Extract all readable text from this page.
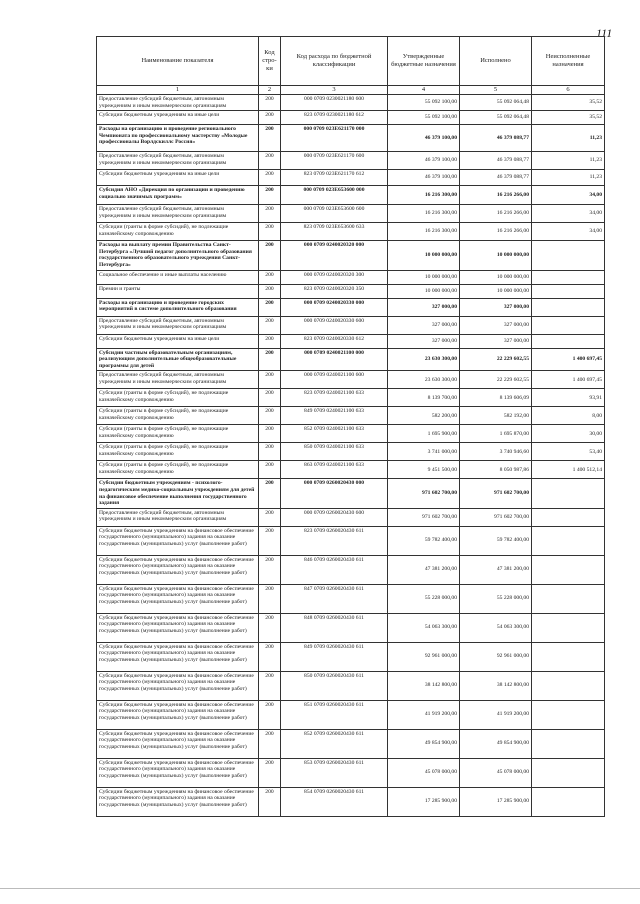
111
Наименование показателя	Код стро-ки	Код расхода по бюджетной классификации	Утвержденные бюджетные назначения	Исполнено	Неисполненные назначения
1	2	3	4	5	6
Предоставление субсидий бюджетным, автономным учреждениям и иным некоммерческим организациям	200	000 0709 0230021180 600	55 092 100,00	55 092 064,48	35,52
Субсидии бюджетным учреждениям на иные цели	200	823 0709 0230021180 612	55 092 100,00	55 092 064,48	35,52
Расходы на организацию и проведение регионального Чемпионата по профессиональному мастерству «Молодые профессионалы Ворлдскиллс Россия»	200	000 0709 023Е621170 000	46 379 100,00	46 379 088,77	11,23
Предоставление субсидий бюджетным, автономным учреждениям и иным некоммерческим организациям	200	000 0709 023Е621170 600	46 379 100,00	46 379 088,77	11,23
Субсидии бюджетным учреждениям на иные цели	200	823 0709 023Е621170 612	46 379 100,00	46 379 088,77	11,23
Субсидия АНО «Дирекция по организации и проведению социально значимых программ»	200	000 0709 023Е653600 000	16 216 300,00	16 216 266,00	34,00
Предоставление субсидий бюджетным, автономным учреждениям и иным некоммерческим организациям	200	000 0709 023Е653600 600	16 216 300,00	16 216 266,00	34,00
Субсидии (гранты в форме субсидий), не подлежащие казначейскому сопровождению	200	823 0709 023Е653600 633	16 216 300,00	16 216 266,00	34,00
Расходы на выплату премии Правительства Санкт-Петербурга «Лучший педагог дополнительного образования государственного образовательного учреждения Санкт-Петербурга»	200	000 0709 0240020320 000	10 000 000,00	10 000 000,00	
Социальное обеспечение и иные выплаты населению	200	000 0709 0240020320 300	10 000 000,00	10 000 000,00	
Премии и гранты	200	823 0709 0240020320 350	10 000 000,00	10 000 000,00	
Расходы на организацию и проведение городских мероприятий в системе дополнительного образования	200	000 0709 0240020330 000	327 000,00	327 000,00	
Предоставление субсидий бюджетным, автономным учреждениям и иным некоммерческим организациям	200	000 0709 0240020330 600	327 000,00	327 000,00	
Субсидии бюджетным учреждениям на иные цели	200	823 0709 0240020330 612	327 000,00	327 000,00	
Субсидии частным образовательным организациям, реализующим дополнительные общеобразовательные программы для детей	200	000 0709 0240021100 000	23 630 300,00	22 229 602,55	1 400 697,45
Предоставление субсидий бюджетным, автономным учреждениям и иным некоммерческим организациям	200	000 0709 0240021100 600	23 630 300,00	22 229 602,55	1 400 697,45
Субсидии (гранты в форме субсидий), не подлежащие казначейскому сопровождению	200	823 0709 0240021100 633	8 139 700,00	8 139 606,09	93,91
Субсидии (гранты в форме субсидий), не подлежащие казначейскому сопровождению	200	849 0709 0240021100 633	582 200,00	582 192,00	8,00
Субсидии (гранты в форме субсидий), не подлежащие казначейскому сопровождению	200	852 0709 0240021100 633	1 695 900,00	1 695 870,00	30,00
Субсидии (гранты в форме субсидий), не подлежащие казначейскому сопровождению	200	850 0709 0240021100 633	3 741 000,00	3 740 946,60	53,40
Субсидии (гранты в форме субсидий), не подлежащие казначейскому сопровождению	200	863 0709 0240021100 633	9 451 500,00	8 050 987,86	1 400 512,14
Субсидии бюджетным учреждениям - психолого-педагогическим медико-социальным учреждениям для детей на финансовое обеспечение выполнения государственного задания	200	000 0709 0260020430 000	971 602 700,00	971 602 700,00	
Предоставление субсидий бюджетным, автономным учреждениям и иным некоммерческим организациям	200	000 0709 0260020430 600	971 602 700,00	971 602 700,00	
Субсидии бюджетным учреждениям на финансовое обеспечение государственного (муниципального) задания на оказание государственных (муниципальных) услуг (выполнение работ)	200	823 0709 0260020430 611	59 782 400,00	59 782 400,00	
Субсидии бюджетным учреждениям на финансовое обеспечение государственного (муниципального) задания на оказание государственных (муниципальных) услуг (выполнение работ)	200	846 0709 0260020430 611	47 381 200,00	47 381 200,00	
Субсидии бюджетным учреждениям на финансовое обеспечение государственного (муниципального) задания на оказание государственных (муниципальных) услуг (выполнение работ)	200	847 0709 0260020430 611	55 228 000,00	55 228 000,00	
Субсидии бюджетным учреждениям на финансовое обеспечение государственного (муниципального) задания на оказание государственных (муниципальных) услуг (выполнение работ)	200	848 0709 0260020430 611	54 063 300,00	54 063 300,00	
Субсидии бюджетным учреждениям на финансовое обеспечение государственного (муниципального) задания на оказание государственных (муниципальных) услуг (выполнение работ)	200	849 0709 0260020430 611	92 961 000,00	92 961 000,00	
Субсидии бюджетным учреждениям на финансовое обеспечение государственного (муниципального) задания на оказание государственных (муниципальных) услуг (выполнение работ)	200	850 0709 0260020430 611	38 142 800,00	38 142 800,00	
Субсидии бюджетным учреждениям на финансовое обеспечение государственного (муниципального) задания на оказание государственных (муниципальных) услуг (выполнение работ)	200	851 0709 0260020430 611	41 919 200,00	41 919 200,00	
Субсидии бюджетным учреждениям на финансовое обеспечение государственного (муниципального) задания на оказание государственных (муниципальных) услуг (выполнение работ)	200	852 0709 0260020430 611	49 854 900,00	49 854 900,00	
Субсидии бюджетным учреждениям на финансовое обеспечение государственного (муниципального) задания на оказание государственных (муниципальных) услуг (выполнение работ)	200	853 0709 0260020430 611	45 078 000,00	45 078 000,00	
Субсидии бюджетным учреждениям на финансовое обеспечение государственного (муниципального) задания на оказание государственных (муниципальных) услуг (выполнение работ)	200	854 0709 0260020430 611	17 285 900,00	17 285 900,00	
